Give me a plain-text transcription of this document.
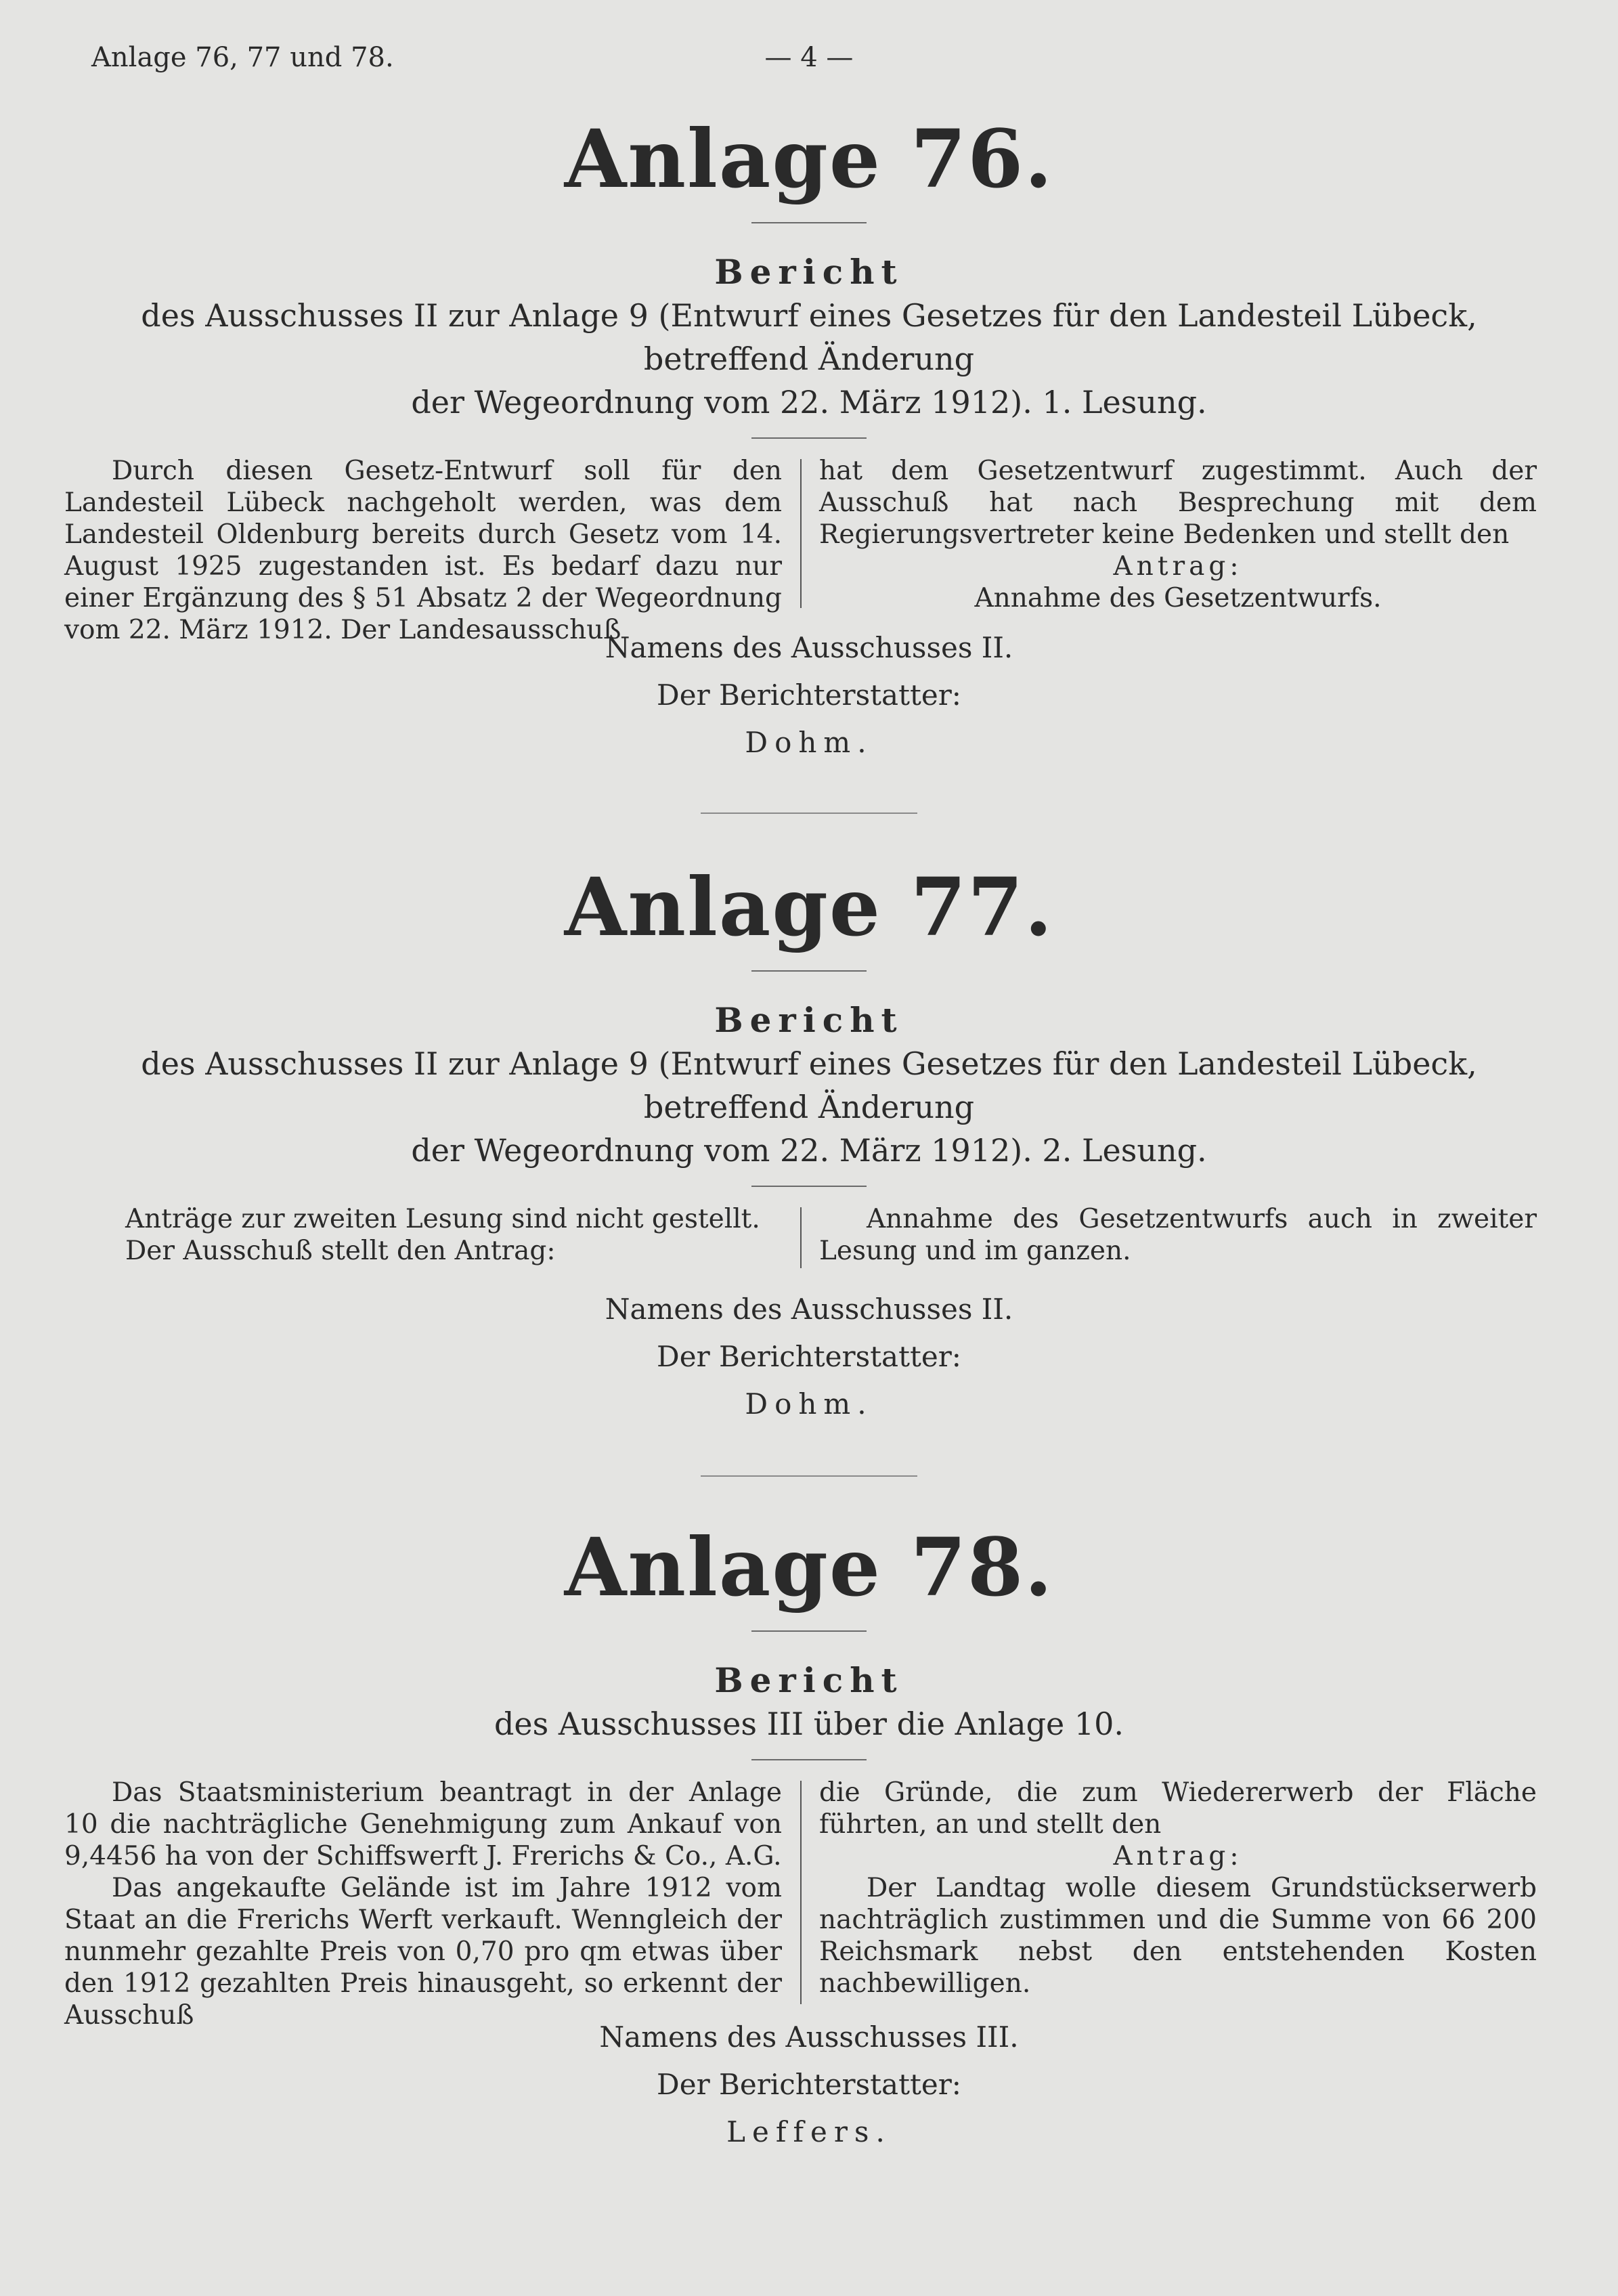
Anlage 76, 77 und 78.	— 4 —
Anlage 76.
Bericht
des Ausschusses II zur Anlage 9 (Entwurf eines Gesetzes für den Landesteil Lübeck, betreffend Änderung
der Wegeordnung vom 22. März 1912). 1. Lesung.

Durch diesen Gesetz-Entwurf soll für den Landesteil Lübeck nachgeholt werden, was dem Landesteil Oldenburg bereits durch Gesetz vom 14. August 1925 zugestanden ist. Es bedarf dazu nur einer Ergänzung des § 51 Absatz 2 der Wegeordnung vom 22. März 1912. Der Landesausschuß

hat dem Gesetzentwurf zugestimmt. Auch der Ausschuß hat nach Besprechung mit dem Regierungsvertreter keine Bedenken und stellt den

Antrag:

Annahme des Gesetzentwurfs.

Namens des Ausschusses II.
Der Berichterstatter:
Dohm.
Anlage 77.
Bericht
des Ausschusses II zur Anlage 9 (Entwurf eines Gesetzes für den Landesteil Lübeck, betreffend Änderung
der Wegeordnung vom 22. März 1912). 2. Lesung.

Anträge zur zweiten Lesung sind nicht gestellt.

Der Ausschuß stellt den Antrag:

Annahme des Gesetzentwurfs auch in zweiter Lesung und im ganzen.

Namens des Ausschusses II.
Der Berichterstatter:
Dohm.
Anlage 78.
Bericht
des Ausschusses III über die Anlage 10.

Das Staatsministerium beantragt in der Anlage 10 die nachträgliche Genehmigung zum Ankauf von 9,4456 ha von der Schiffswerft J. Frerichs & Co., A.G.

Das angekaufte Gelände ist im Jahre 1912 vom Staat an die Frerichs Werft verkauft. Wenngleich der nunmehr gezahlte Preis von 0,70 pro qm etwas über den 1912 gezahlten Preis hinausgeht, so erkennt der Ausschuß

die Gründe, die zum Wiedererwerb der Fläche führten, an und stellt den

Antrag:

Der Landtag wolle diesem Grundstückserwerb nachträglich zustimmen und die Summe von 66 200 Reichsmark nebst den entstehenden Kosten nachbewilligen.

Namens des Ausschusses III.
Der Berichterstatter:
Leffers.
